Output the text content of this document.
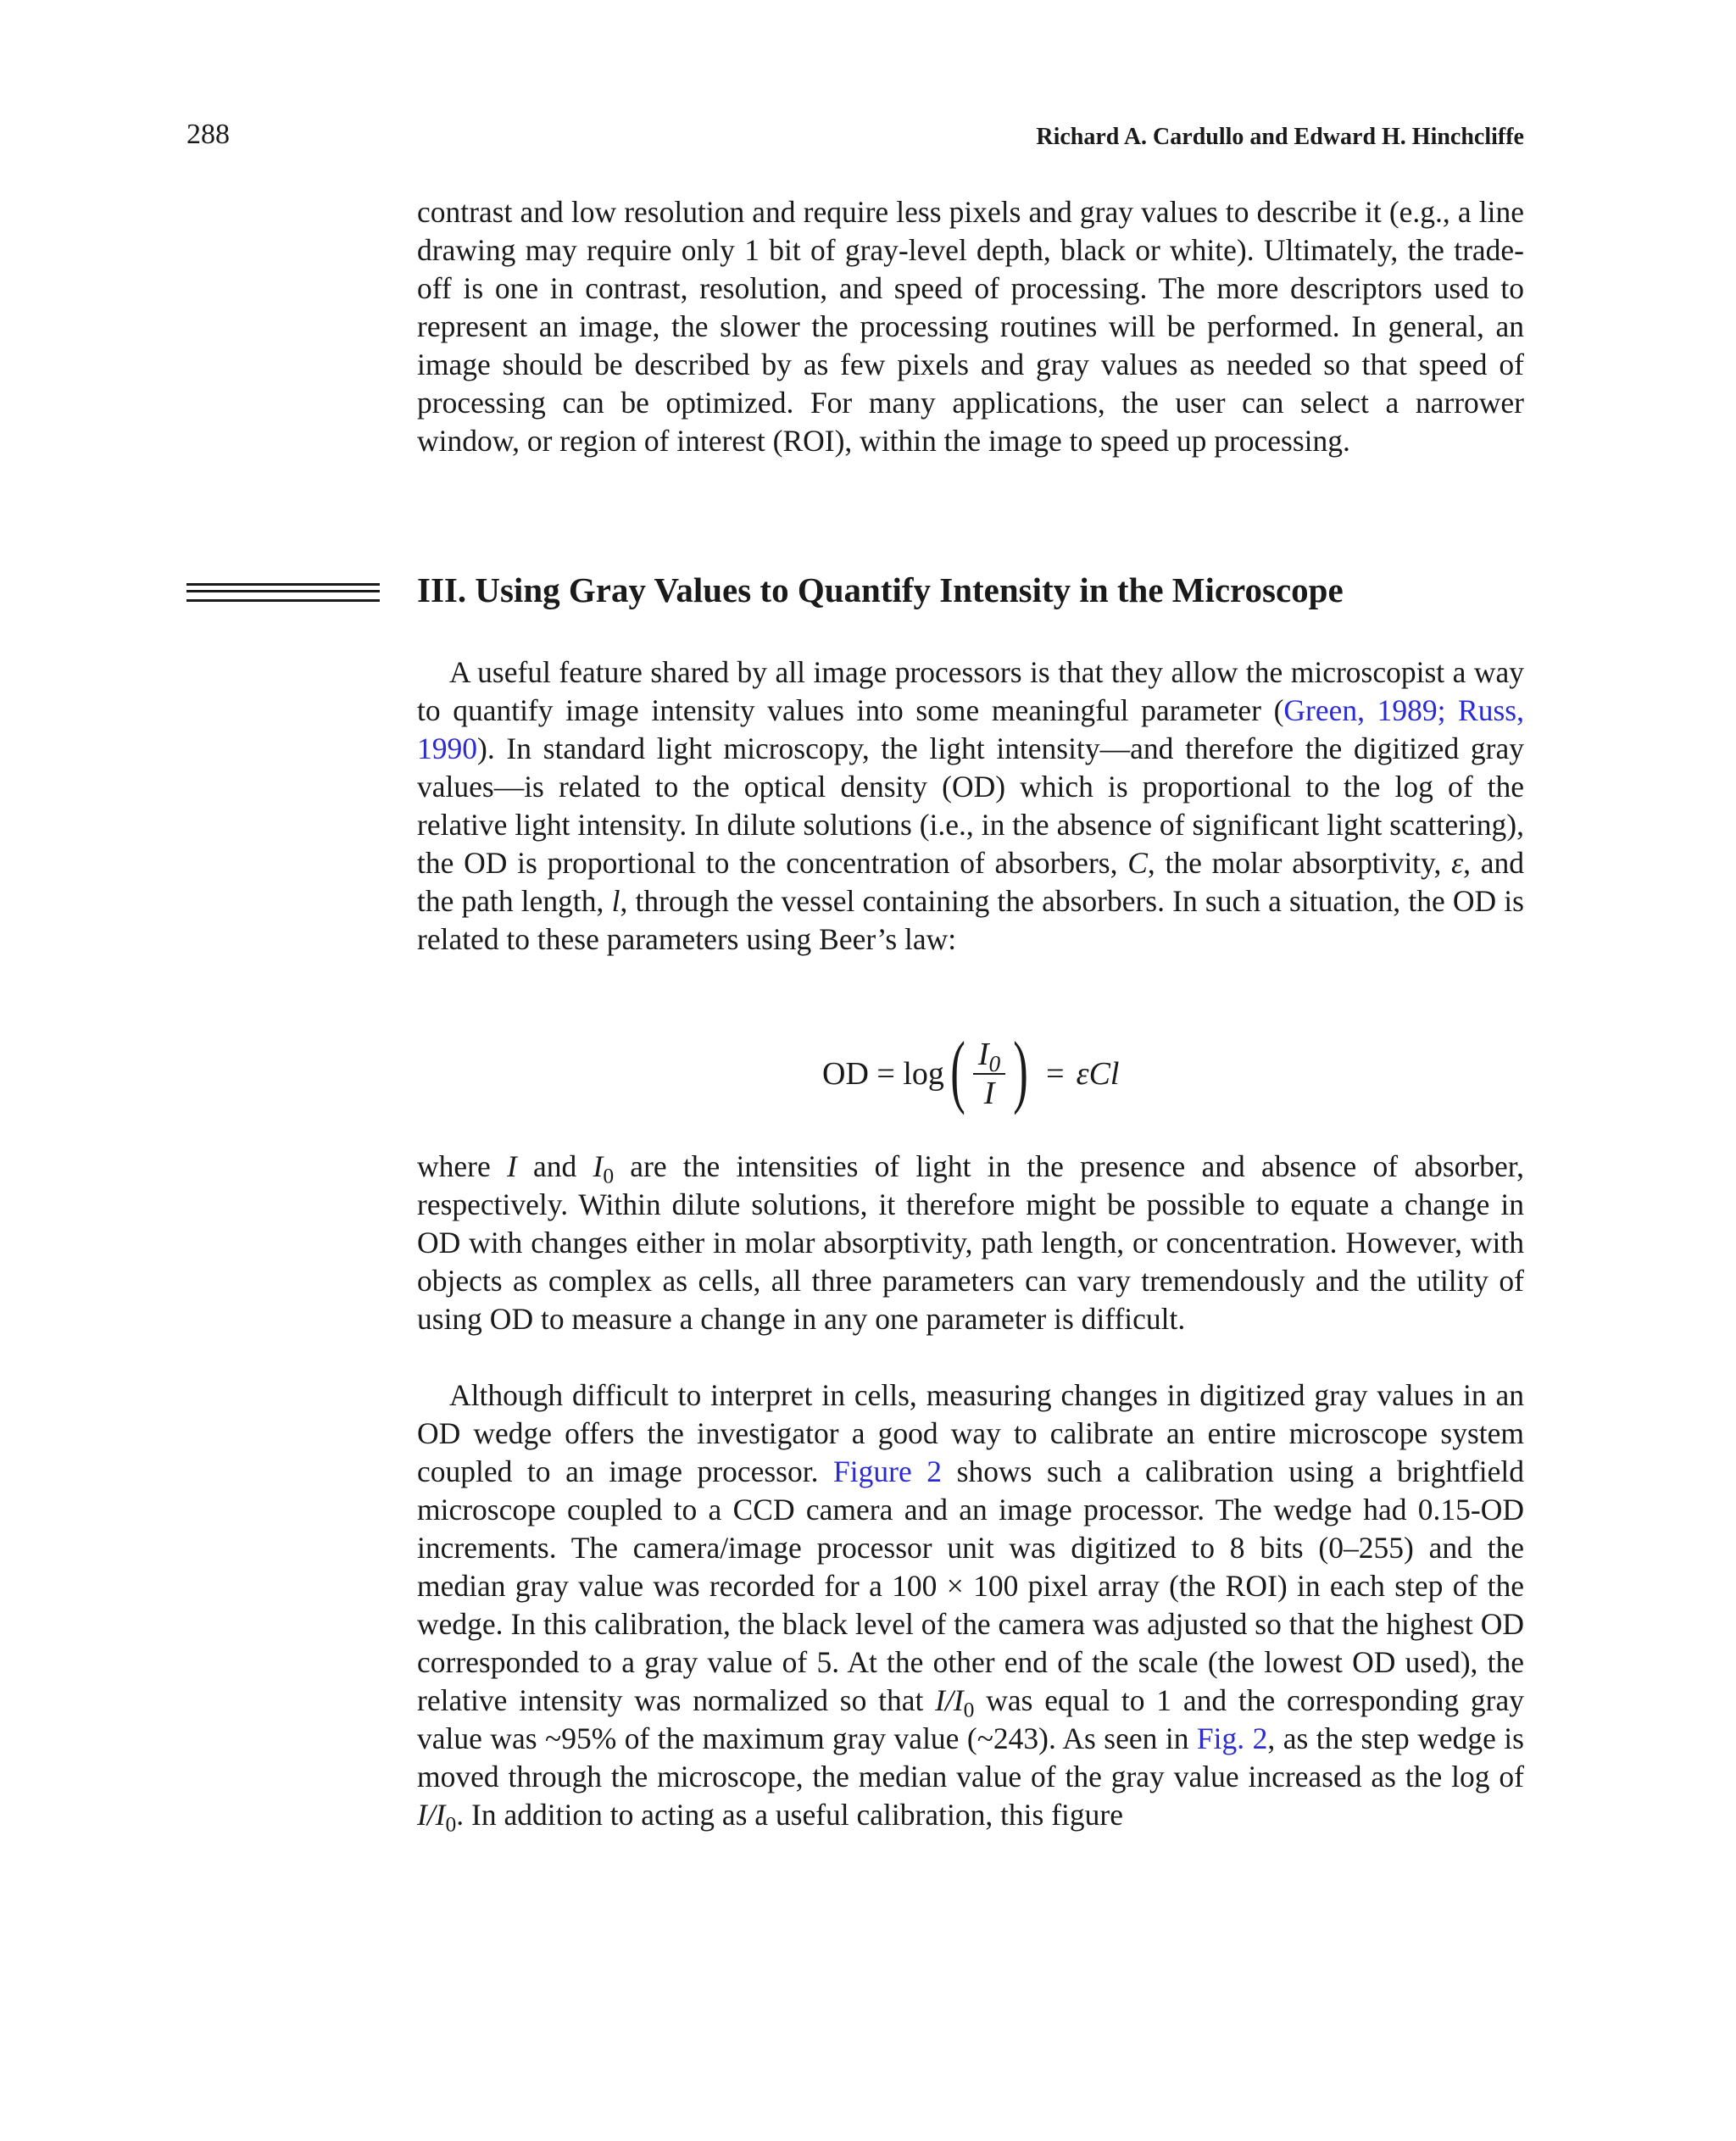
288	Richard A. Cardullo and Edward H. Hinchcliffe

contrast and low resolution and require less pixels and gray values to describe it (e.g., a line drawing may require only 1 bit of gray-level depth, black or white). Ultimately, the trade-off is one in contrast, resolution, and speed of processing. The more descriptors used to represent an image, the slower the processing routines will be performed. In general, an image should be described by as few pixels and gray values as needed so that speed of processing can be optimized. For many applications, the user can select a narrower window, or region of interest (ROI), within the image to speed up processing.

III. Using Gray Values to Quantify Intensity in the Microscope

A useful feature shared by all image processors is that they allow the microscopist a way to quantify image intensity values into some meaningful parameter (Green, 1989; Russ, 1990). In standard light microscopy, the light intensity—and therefore the digitized gray values—is related to the optical density (OD) which is proportional to the log of the relative light intensity. In dilute solutions (i.e., in the absence of significant light scattering), the OD is proportional to the concentration of absorbers, C, the molar absorptivity, ε, and the path length, l, through the vessel containing the absorbers. In such a situation, the OD is related to these parameters using Beer’s law:

OD = log ( $\frac{I_0}{I}$ ) = εCl

where I and $I_0$ are the intensities of light in the presence and absence of absorber, respectively. Within dilute solutions, it therefore might be possible to equate a change in OD with changes either in molar absorptivity, path length, or concentration. However, with objects as complex as cells, all three parameters can vary tremendously and the utility of using OD to measure a change in any one parameter is difficult.

Although difficult to interpret in cells, measuring changes in digitized gray values in an OD wedge offers the investigator a good way to calibrate an entire microscope system coupled to an image processor. Figure 2 shows such a calibration using a brightfield microscope coupled to a CCD camera and an image processor. The wedge had 0.15-OD increments. The camera/image processor unit was digitized to 8 bits (0–255) and the median gray value was recorded for a 100 × 100 pixel array (the ROI) in each step of the wedge. In this calibration, the black level of the camera was adjusted so that the highest OD corresponded to a gray value of 5. At the other end of the scale (the lowest OD used), the relative intensity was normalized so that $I/I_0$ was equal to 1 and the corresponding gray value was ~95% of the maximum gray value (~243). As seen in Fig. 2, as the step wedge is moved through the microscope, the median value of the gray value increased as the log of $I/I_0$. In addition to acting as a useful calibration, this figure
